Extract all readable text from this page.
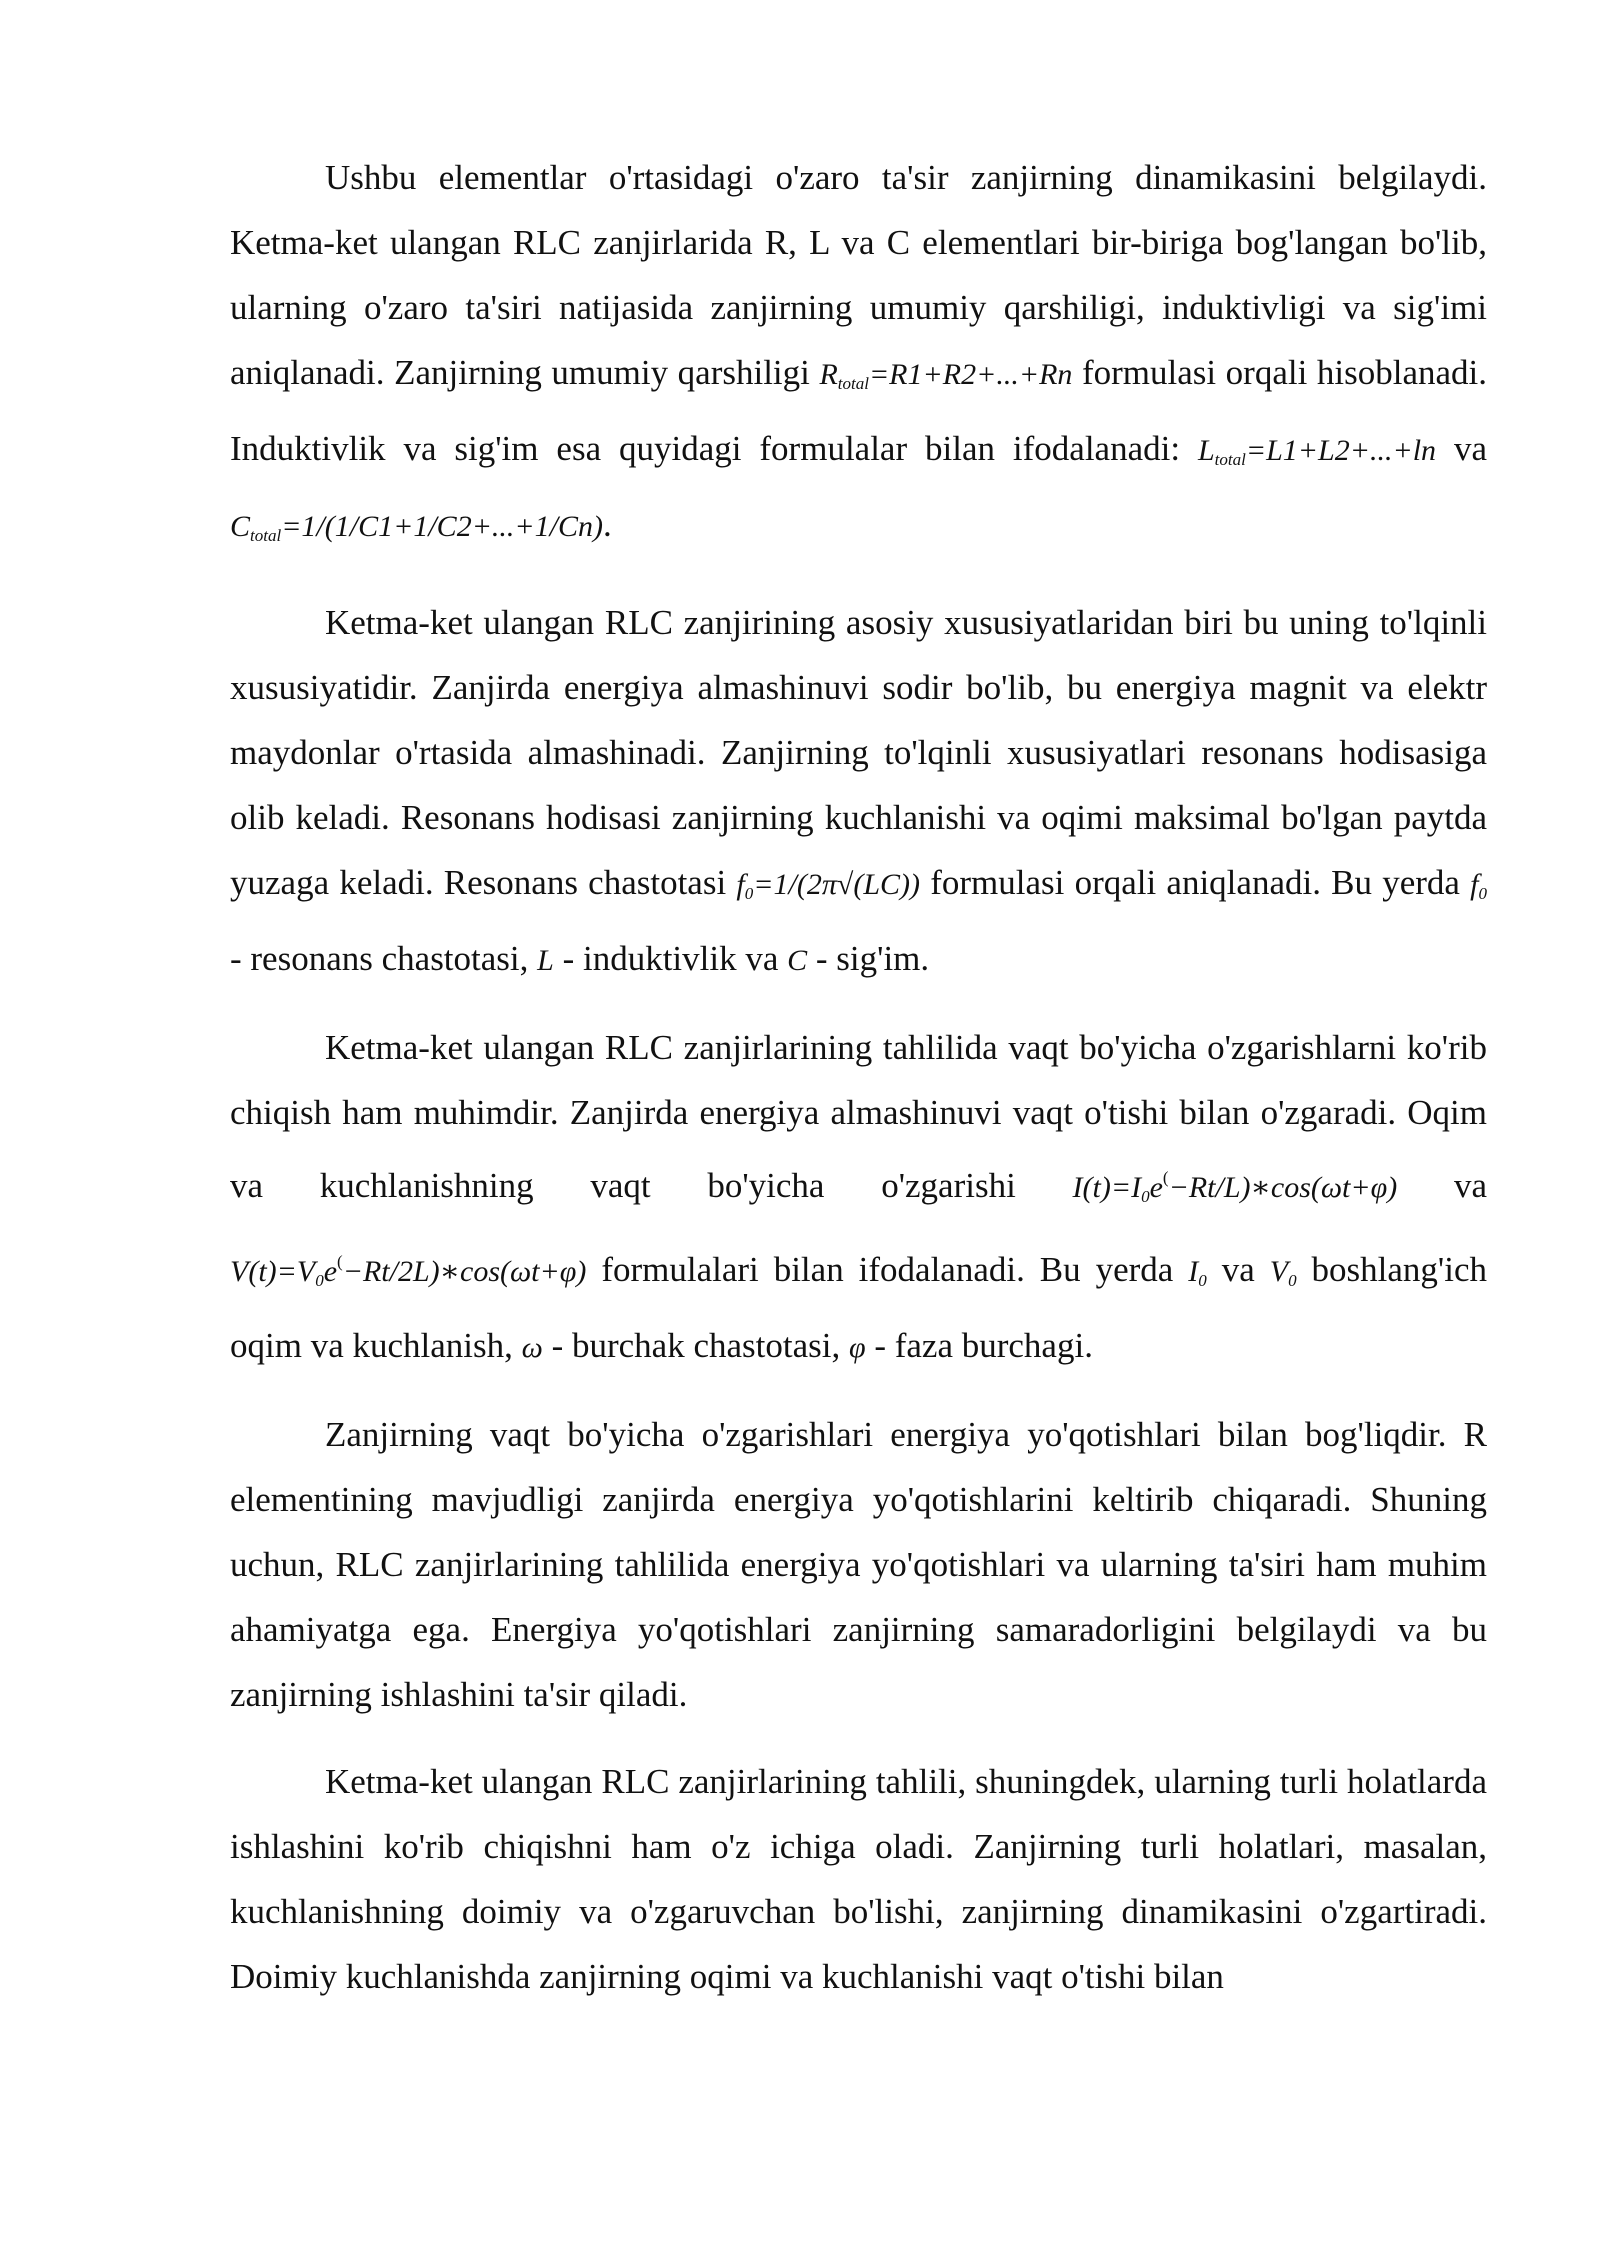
Ushbu elementlar o'rtasidagi o'zaro ta'sir zanjirning dinamikasini belgilaydi. Ketma-ket ulangan RLC zanjirlarida R, L va C elementlari bir-biriga bog'langan bo'lib, ularning o'zaro ta'siri natijasida zanjirning umumiy qarshiligi, induktivligi va sig'imi aniqlanadi. Zanjirning umumiy qarshiligi $R_{total}=R1+R2+...+Rn$ formulasi orqali hisoblanadi. Induktivlik va sig'im esa quyidagi formulalar bilan ifodalanadi: $L_{total}=L1+L2+...+\ln$ va $C_{total}=1/(1/C1+1/C2+...+1/Cn)$.

Ketma-ket ulangan RLC zanjirining asosiy xususiyatlaridan biri bu uning to'lqinli xususiyatidir. Zanjirda energiya almashinuvi sodir bo'lib, bu energiya magnit va elektr maydonlar o'rtasida almashinadi. Zanjirning to'lqinli xususiyatlari resonans hodisasiga olib keladi. Resonans hodisasi zanjirning kuchlanishi va oqimi maksimal bo'lgan paytda yuzaga keladi. Resonans chastotasi $f_0=1/(2\pi√(LC))$ formulasi orqali aniqlanadi. Bu yerda $f_0$ - resonans chastotasi, L - induktivlik va C - sig'im.

Ketma-ket ulangan RLC zanjirlarining tahlilida vaqt bo'yicha o'zgarishlarni ko'rib chiqish ham muhimdir. Zanjirda energiya almashinuvi vaqt o'tishi bilan o'zgaradi. Oqim va kuchlanishning vaqt bo'yicha o'zgarishi $I(t)=I_0e^(-Rt/L)∗\cos(\omega t+\varphi)$ va $V(t)=V_0e^(-Rt/2L)∗\cos(\omega t+\varphi)$ formulalari bilan ifodalanadi. Bu yerda $I_0$ va $V_0$ boshlang'ich oqim va kuchlanish, ω - burchak chastotasi, φ - faza burchagi.

Zanjirning vaqt bo'yicha o'zgarishlari energiya yo'qotishlari bilan bog'liqdir. R elementining mavjudligi zanjirda energiya yo'qotishlarini keltirib chiqaradi. Shuning uchun, RLC zanjirlarining tahlilida energiya yo'qotishlari va ularning ta'siri ham muhim ahamiyatga ega. Energiya yo'qotishlari zanjirning samaradorligini belgilaydi va bu zanjirning ishlashini ta'sir qiladi.

Ketma-ket ulangan RLC zanjirlarining tahlili, shuningdek, ularning turli holatlarda ishlashini ko'rib chiqishni ham o'z ichiga oladi. Zanjirning turli holatlari, masalan, kuchlanishning doimiy va o'zgaruvchan bo'lishi, zanjirning dinamikasini o'zgartiradi. Doimiy kuchlanishda zanjirning oqimi va kuchlanishi vaqt o'tishi bilan
